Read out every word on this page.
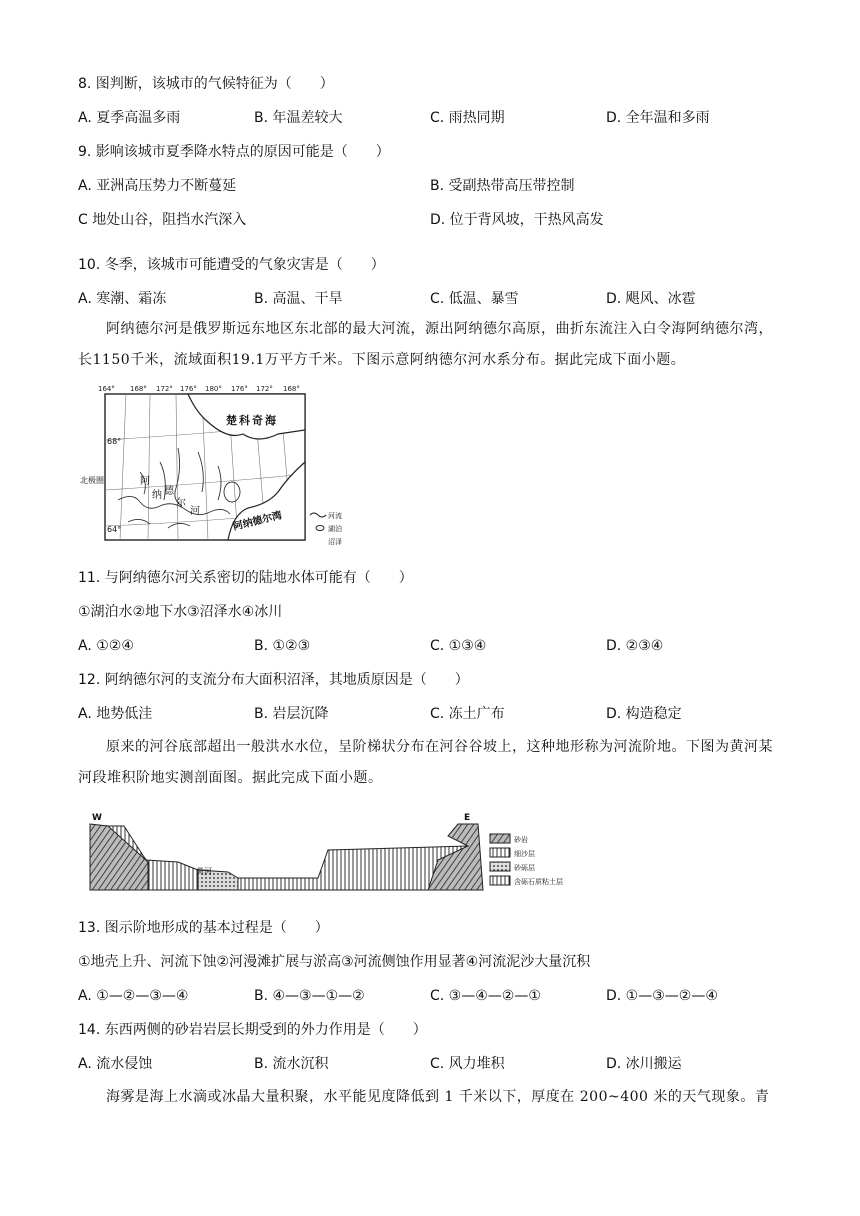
8. 图判断，该城市的气候特征为（　　）
A. 夏季高温多雨	B. 年温差较大	C. 雨热同期	D. 全年温和多雨
9. 影响该城市夏季降水特点的原因可能是（　　）
A. 亚洲高压势力不断蔓延	B. 受副热带高压带控制
C 地处山谷，阻挡水汽深入	D. 位于背风坡，干热风高发
10. 冬季，该城市可能遭受的气象灾害是（　　）
A. 寒潮、霜冻	B. 高温、干旱	C. 低温、暴雪	D. 飓风、冰雹
阿纳德尔河是俄罗斯远东地区东北部的最大河流，源出阿纳德尔高原，曲折东流注入白令海阿纳德尔湾，长1150千米，流域面积19.1万平方千米。下图示意阿纳德尔河水系分布。据此完成下面小题。
164° 168° 172° 176° 180° 176° 172° 168°
68°
北极圈
64°
楚科奇海
阿纳德尔湾
阿
纳 德
尔
河	河流
湖泊
沼泽
11. 与阿纳德尔河关系密切的陆地水体可能有（　　）
①湖泊水②地下水③沼泽水④冰川
A. ①②④	B. ①②③	C. ①③④	D. ②③④
12. 阿纳德尔河的支流分布大面积沼泽，其地质原因是（　　）
A. 地势低洼	B. 岩层沉降	C. 冻土广布	D. 构造稳定
原来的河谷底部超出一般洪水水位，呈阶梯状分布在河谷谷坡上，这种地形称为河流阶地。下图为黄河某河段堆积阶地实测剖面图。据此完成下面小题。
W	E
黄河
砂岩
细沙层
砂砾层
含砾石质粘土层
13. 图示阶地形成的基本过程是（　　）
①地壳上升、河流下蚀②河漫滩扩展与淤高③河流侧蚀作用显著④河流泥沙大量沉积
A. ①—②—③—④	B. ④—③—①—②	C. ③—④—②—①	D. ①—③—②—④
14. 东西两侧的砂岩岩层长期受到的外力作用是（　　）
A. 流水侵蚀	B. 流水沉积	C. 风力堆积	D. 冰川搬运
海雾是海上水滴或冰晶大量积聚，水平能见度降低到 1 千米以下，厚度在 200~400 米的天气现象。青
